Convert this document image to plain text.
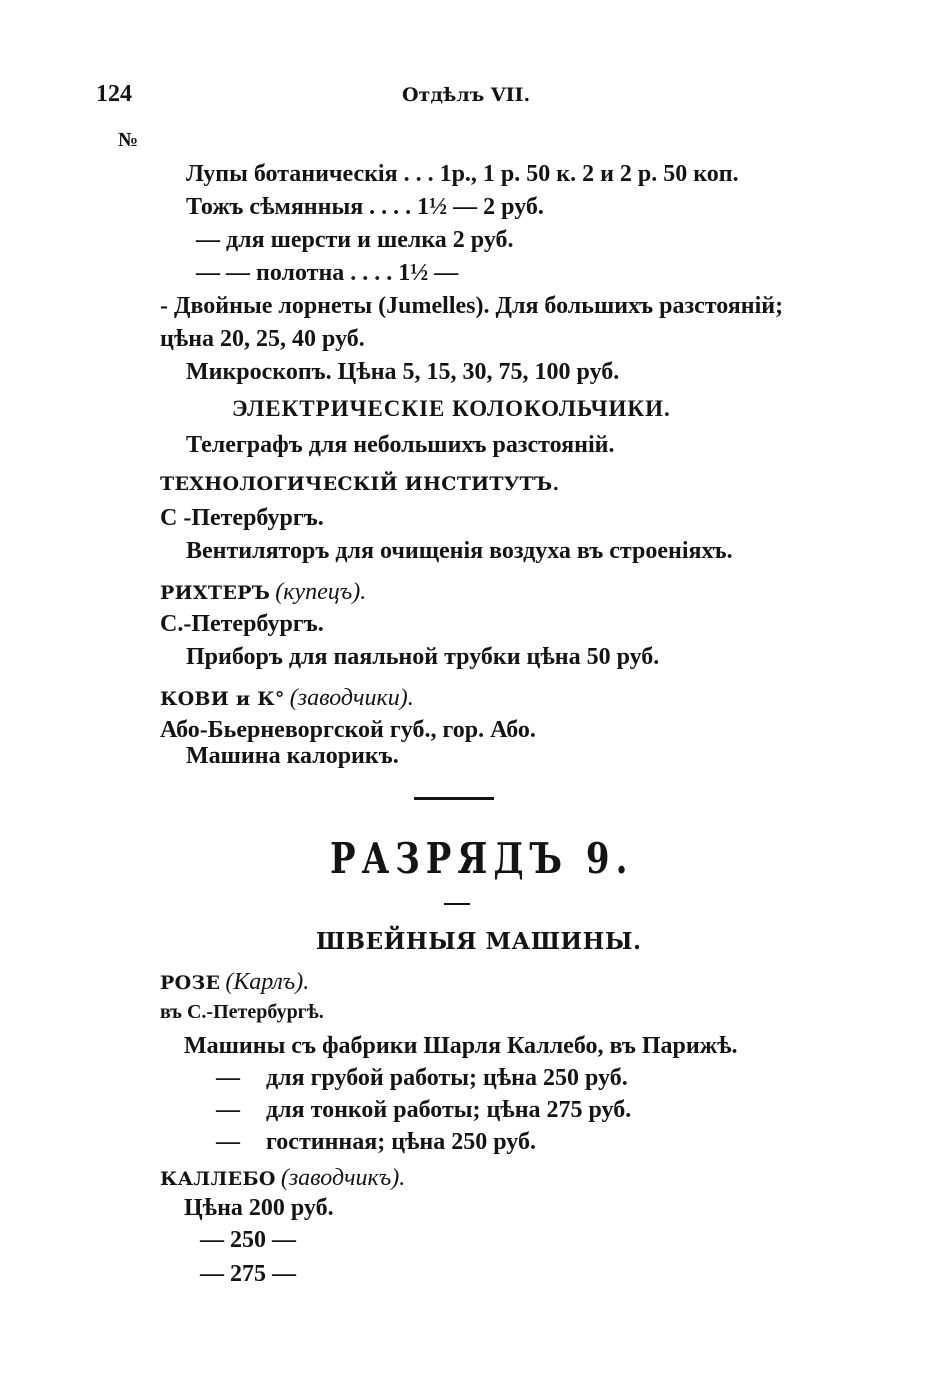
124	Отдѣлъ VII.
№
Лупы ботаническія . . . 1р., 1 р. 50 к. 2 и 2 р. 50 коп.
Тожъ сѣмянныя . . . . 1½ — 2 руб.
— для шерсти и шелка 2 руб.
— — полотна . . . . 1½ —
- Двойные лорнеты (Jumelles). Для большихъ разстояній;
цѣна 20, 25, 40 руб.
Микроскопъ. Цѣна 5, 15, 30, 75, 100 руб.
ЭЛЕКТРИЧЕСКІЕ КОЛОКОЛЬЧИКИ.
Телеграфъ для небольшихъ разстояній.
ТЕХНОЛОГИЧЕСКІЙ ИНСТИТУТЪ.
С -Петербургъ.
Вентиляторъ для очищенія воздуха въ строеніяхъ.
РИХТЕРЪ (купецъ).
С.-Петербургъ.
Приборъ для паяльной трубки цѣна 50 руб.
КОВИ и К° (заводчики).
Або-Бьерневоргской губ., гор. Або.
Машина калорикъ.
РАЗРЯДЪ 9.
ШВЕЙНЫЯ МАШИНЫ.
РОЗЕ (Карлъ).
въ С.-Петербургѣ.
Машины съ фабрики Шарля Каллебо, въ Парижѣ.
— для грубой работы; цѣна 250 руб.
— для тонкой работы; цѣна 275 руб.
— гостинная; цѣна 250 руб.
КАЛЛЕБО (заводчикъ).
Цѣна 200 руб.
— 250 —
— 275 —
